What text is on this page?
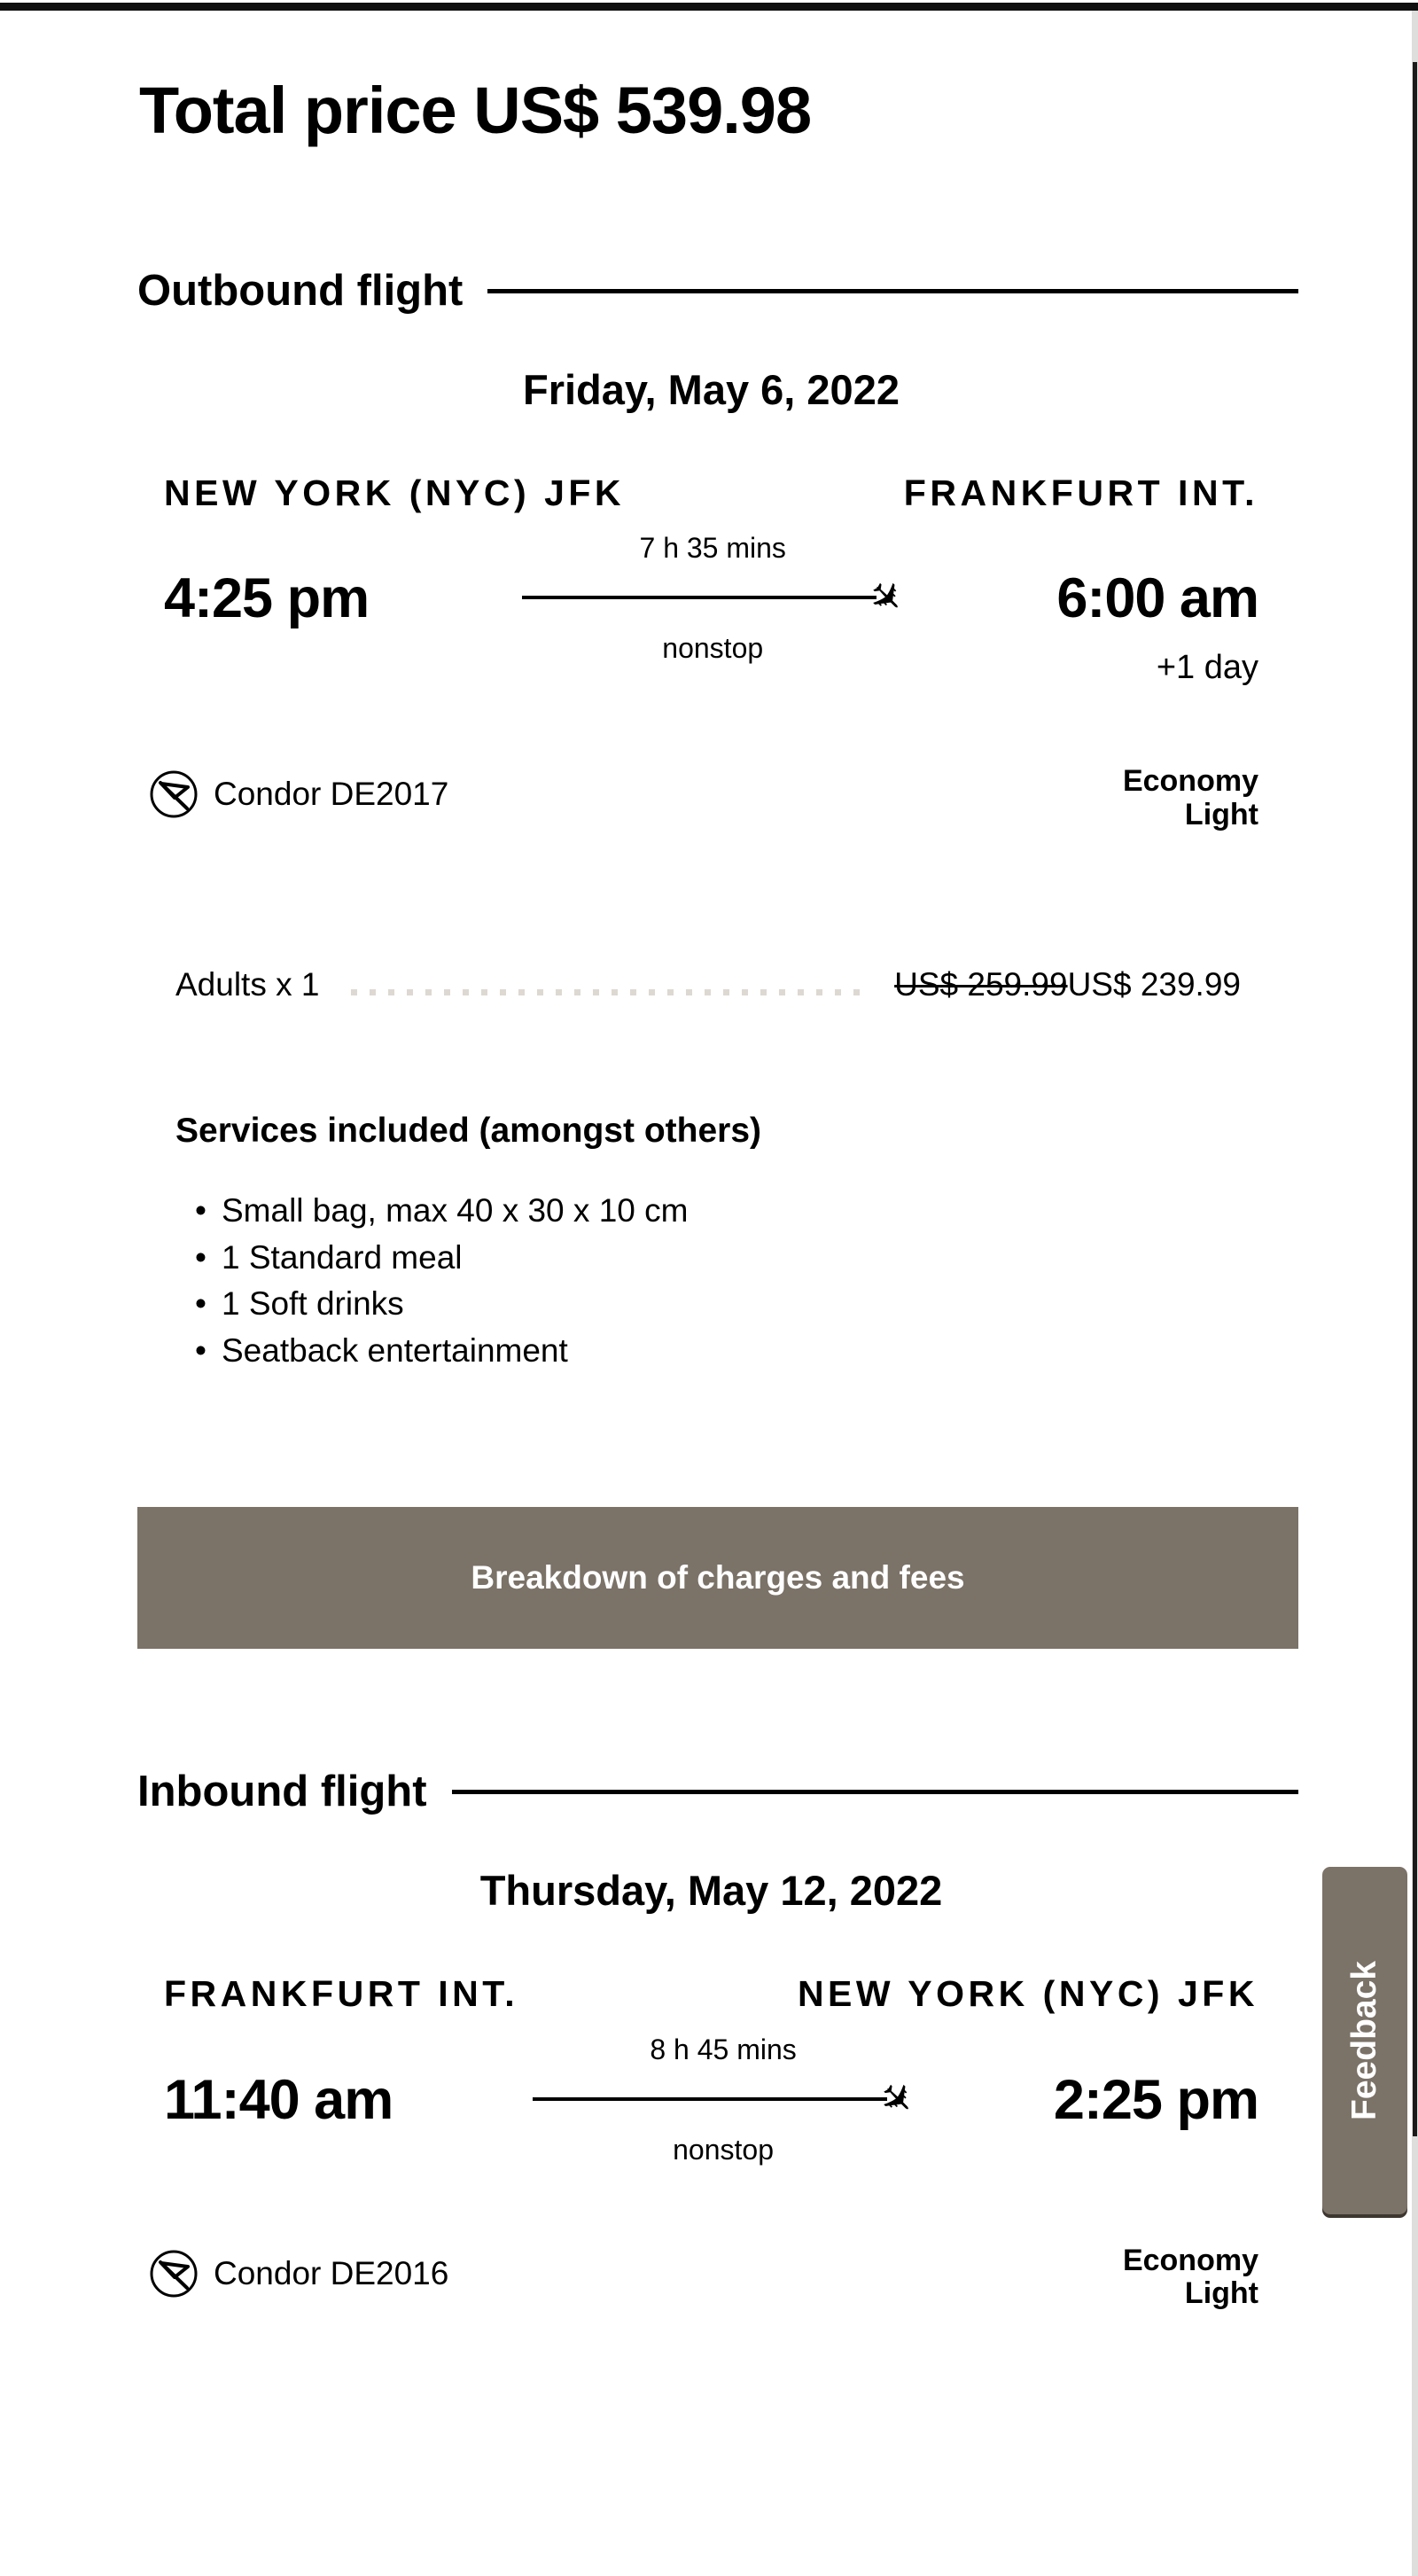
Total price US$ 539.98
Outbound flight
Friday, May 6, 2022
NEW YORK (NYC) JFK	FRANKFURT INT.
4:25 pm
7 h 35 mins
✈
nonstop
6:00 am
+1 day
Condor DE2017	Economy Light
Adults x 1	US$ 259.99 US$ 239.99
Services included (amongst others)
• Small bag, max 40 x 30 x 10 cm
• 1 Standard meal
• 1 Soft drinks
• Seatback entertainment
Breakdown of charges and fees
Inbound flight
Thursday, May 12, 2022
FRANKFURT INT.	NEW YORK (NYC) JFK
11:40 am
8 h 45 mins
✈
nonstop
2:25 pm
Condor DE2016	Economy Light
Feedback
